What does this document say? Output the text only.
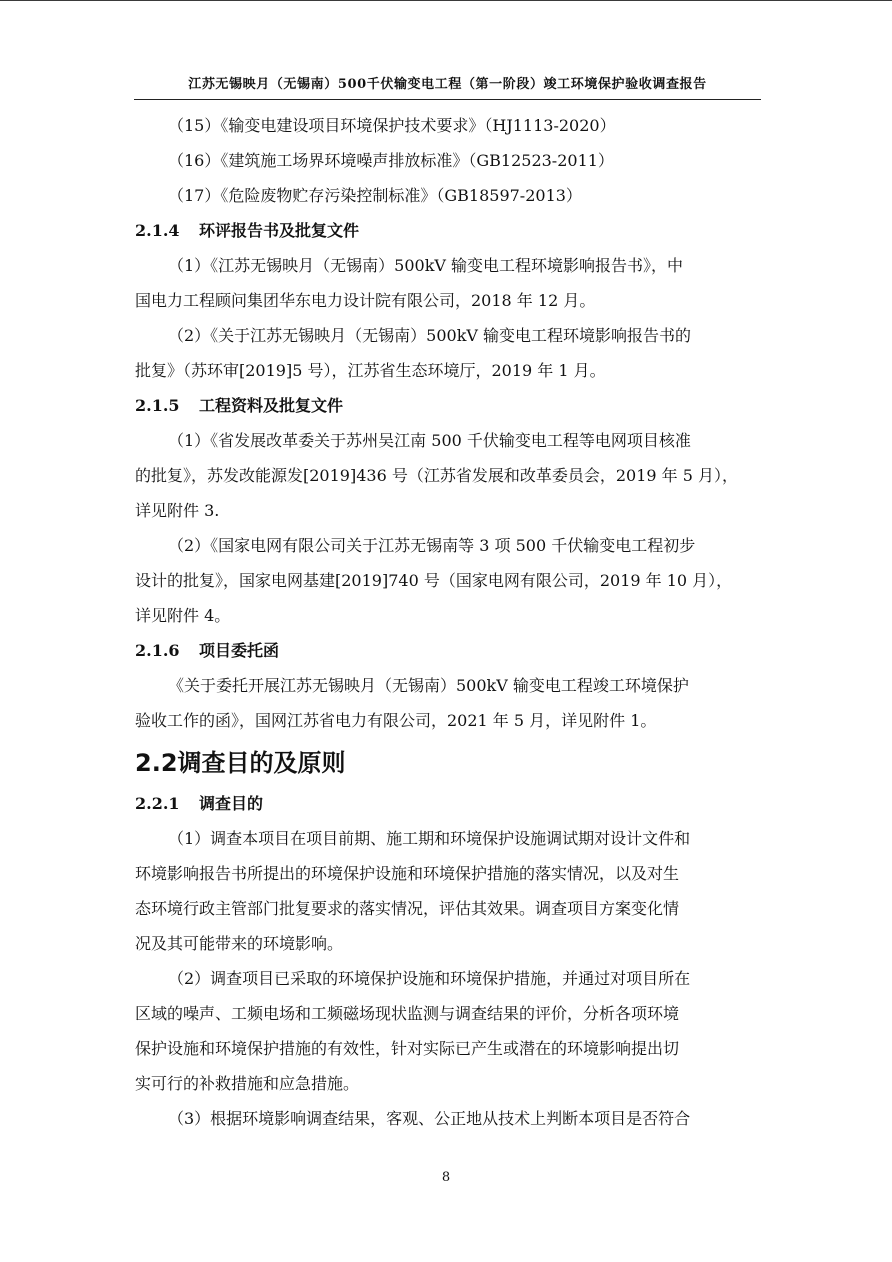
江苏无锡映月（无锡南）500千伏输变电工程（第一阶段）竣工环境保护验收调查报告

（15）《输变电建设项目环境保护技术要求》（HJ1113-2020）

（16）《建筑施工场界环境噪声排放标准》（GB12523-2011）

（17）《危险废物贮存污染控制标准》（GB18597-2013）

2.1.4 环评报告书及批复文件

（1）《江苏无锡映月（无锡南）500kV 输变电工程环境影响报告书》，中

国电力工程顾问集团华东电力设计院有限公司，2018 年 12 月。

（2）《关于江苏无锡映月（无锡南）500kV 输变电工程环境影响报告书的

批复》（苏环审[2019]5 号），江苏省生态环境厅，2019 年 1 月。

2.1.5 工程资料及批复文件

（1）《省发展改革委关于苏州吴江南 500 千伏输变电工程等电网项目核准

的批复》，苏发改能源发[2019]436 号（江苏省发展和改革委员会，2019 年 5 月），

详见附件 3.

（2）《国家电网有限公司关于江苏无锡南等 3 项 500 千伏输变电工程初步

设计的批复》，国家电网基建[2019]740 号（国家电网有限公司，2019 年 10 月），

详见附件 4。

2.1.6 项目委托函

《关于委托开展江苏无锡映月（无锡南）500kV 输变电工程竣工环境保护

验收工作的函》，国网江苏省电力有限公司，2021 年 5 月，详见附件 1。

2.2调查目的及原则

2.2.1 调查目的

（1）调查本项目在项目前期、施工期和环境保护设施调试期对设计文件和

环境影响报告书所提出的环境保护设施和环境保护措施的落实情况，以及对生

态环境行政主管部门批复要求的落实情况，评估其效果。调查项目方案变化情

况及其可能带来的环境影响。

（2）调查项目已采取的环境保护设施和环境保护措施，并通过对项目所在

区域的噪声、工频电场和工频磁场现状监测与调查结果的评价，分析各项环境

保护设施和环境保护措施的有效性，针对实际已产生或潜在的环境影响提出切

实可行的补救措施和应急措施。

（3）根据环境影响调查结果，客观、公正地从技术上判断本项目是否符合

8
